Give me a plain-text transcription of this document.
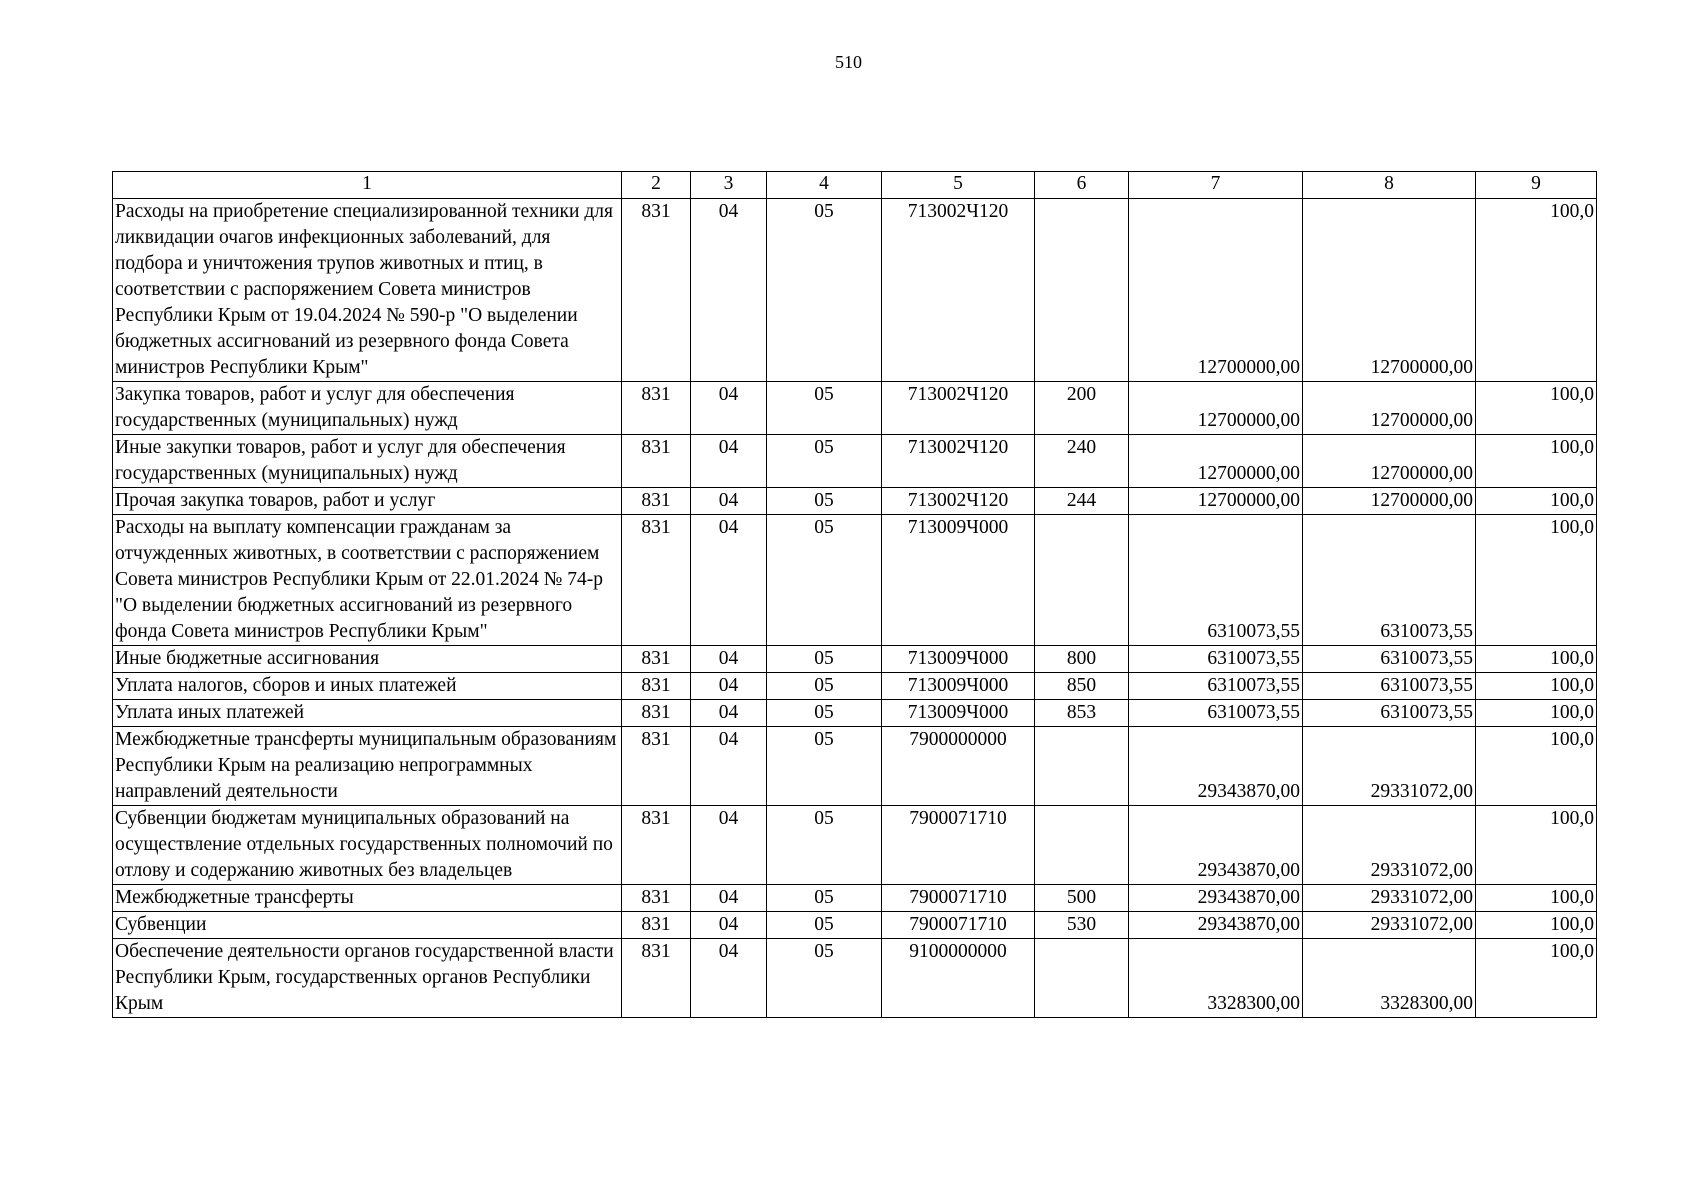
510
1	2	3	4	5	6	7	8	9
Расходы на приобретение специализированной техники для ликвидации очагов инфекционных заболеваний, для подбора и уничтожения трупов животных и птиц, в соответствии с распоряжением Совета министров Республики Крым от 19.04.2024 № 590-р "О выделении бюджетных ассигнований из резервного фонда Совета министров Республики Крым"	831	04	05	713002Ч120		12700000,00	12700000,00	100,0
Закупка товаров, работ и услуг для обеспечения государственных (муниципальных) нужд	831	04	05	713002Ч120	200	12700000,00	12700000,00	100,0
Иные закупки товаров, работ и услуг для обеспечения государственных (муниципальных) нужд	831	04	05	713002Ч120	240	12700000,00	12700000,00	100,0
Прочая закупка товаров, работ и услуг	831	04	05	713002Ч120	244	12700000,00	12700000,00	100,0
Расходы на выплату компенсации гражданам за отчужденных животных, в соответствии с распоряжением Совета министров Республики Крым от 22.01.2024 № 74-р "О выделении бюджетных ассигнований из резервного фонда Совета министров Республики Крым"	831	04	05	713009Ч000		6310073,55	6310073,55	100,0
Иные бюджетные ассигнования	831	04	05	713009Ч000	800	6310073,55	6310073,55	100,0
Уплата налогов, сборов и иных платежей	831	04	05	713009Ч000	850	6310073,55	6310073,55	100,0
Уплата иных платежей	831	04	05	713009Ч000	853	6310073,55	6310073,55	100,0
Межбюджетные трансферты муниципальным образованиям Республики Крым на реализацию непрограммных направлений деятельности	831	04	05	7900000000		29343870,00	29331072,00	100,0
Субвенции бюджетам муниципальных образований на осуществление отдельных государственных полномочий по отлову и содержанию животных без владельцев	831	04	05	7900071710		29343870,00	29331072,00	100,0
Межбюджетные трансферты	831	04	05	7900071710	500	29343870,00	29331072,00	100,0
Субвенции	831	04	05	7900071710	530	29343870,00	29331072,00	100,0
Обеспечение деятельности органов государственной власти Республики Крым, государственных органов Республики Крым	831	04	05	9100000000		3328300,00	3328300,00	100,0
